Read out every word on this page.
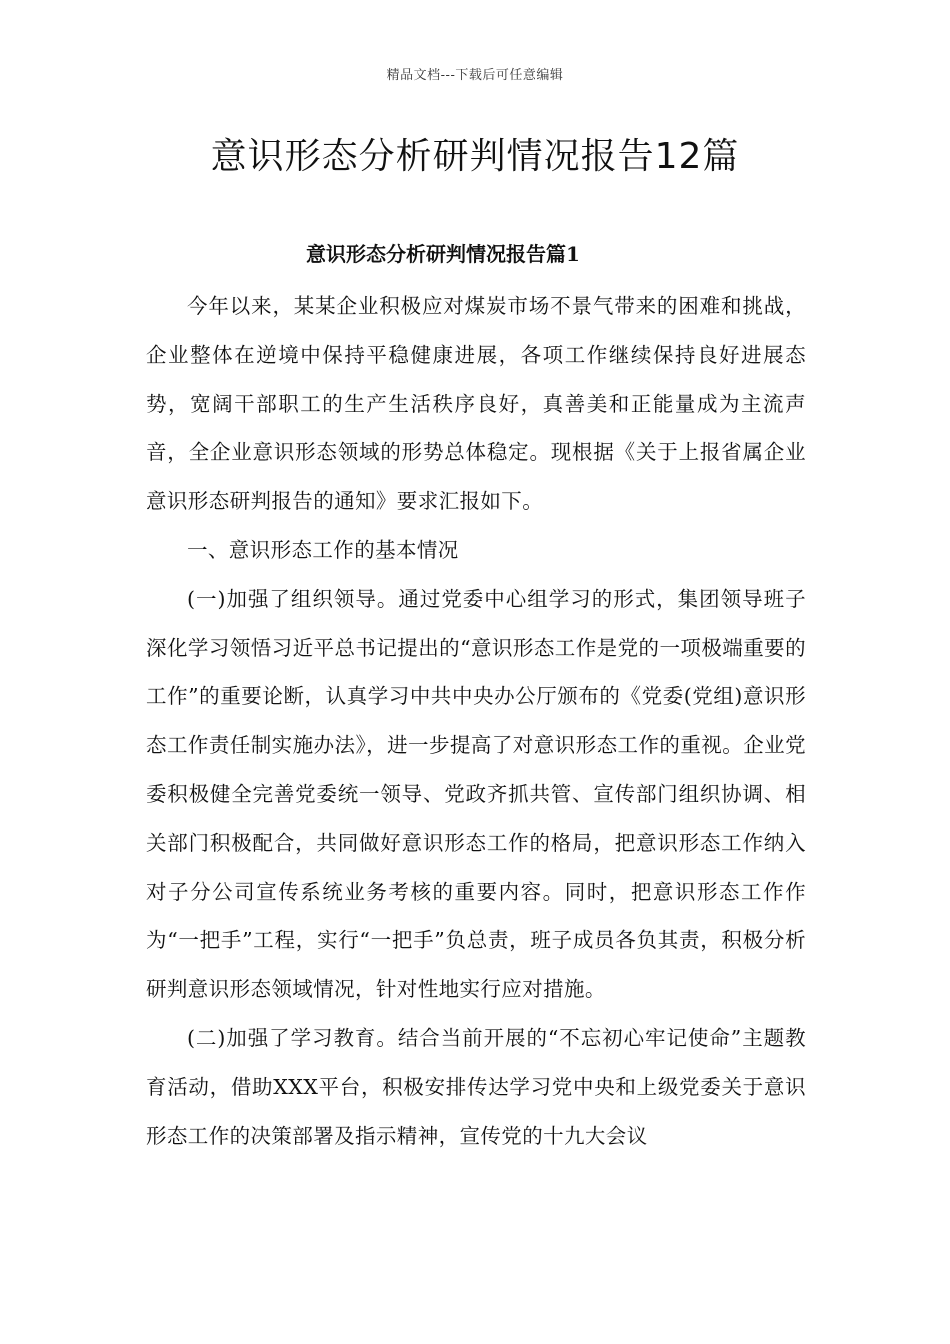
精品文档---下载后可任意编辑
意识形态分析研判情况报告12篇
意识形态分析研判情况报告篇1

今年以来，某某企业积极应对煤炭市场不景气带来的困难和挑战，企业整体在逆境中保持平稳健康进展，各项工作继续保持良好进展态势，宽阔干部职工的生产生活秩序良好，真善美和正能量成为主流声音，全企业意识形态领域的形势总体稳定。现根据《关于上报省属企业意识形态研判报告的通知》要求汇报如下。

一、意识形态工作的基本情况

(一)加强了组织领导。通过党委中心组学习的形式，集团领导班子深化学习领悟习近平总书记提出的“意识形态工作是党的一项极端重要的工作”的重要论断，认真学习中共中央办公厅颁布的《党委(党组)意识形态工作责任制实施办法》，进一步提高了对意识形态工作的重视。企业党委积极健全完善党委统一领导、党政齐抓共管、宣传部门组织协调、相关部门积极配合，共同做好意识形态工作的格局，把意识形态工作纳入对子分公司宣传系统业务考核的重要内容。同时，把意识形态工作作为“一把手”工程，实行“一把手”负总责，班子成员各负其责，积极分析研判意识形态领域情况，针对性地实行应对措施。

(二)加强了学习教育。结合当前开展的“不忘初心牢记使命”主题教育活动，借助XXX平台，积极安排传达学习党中央和上级党委关于意识形态工作的决策部署及指示精神，宣传党的十九大会议
